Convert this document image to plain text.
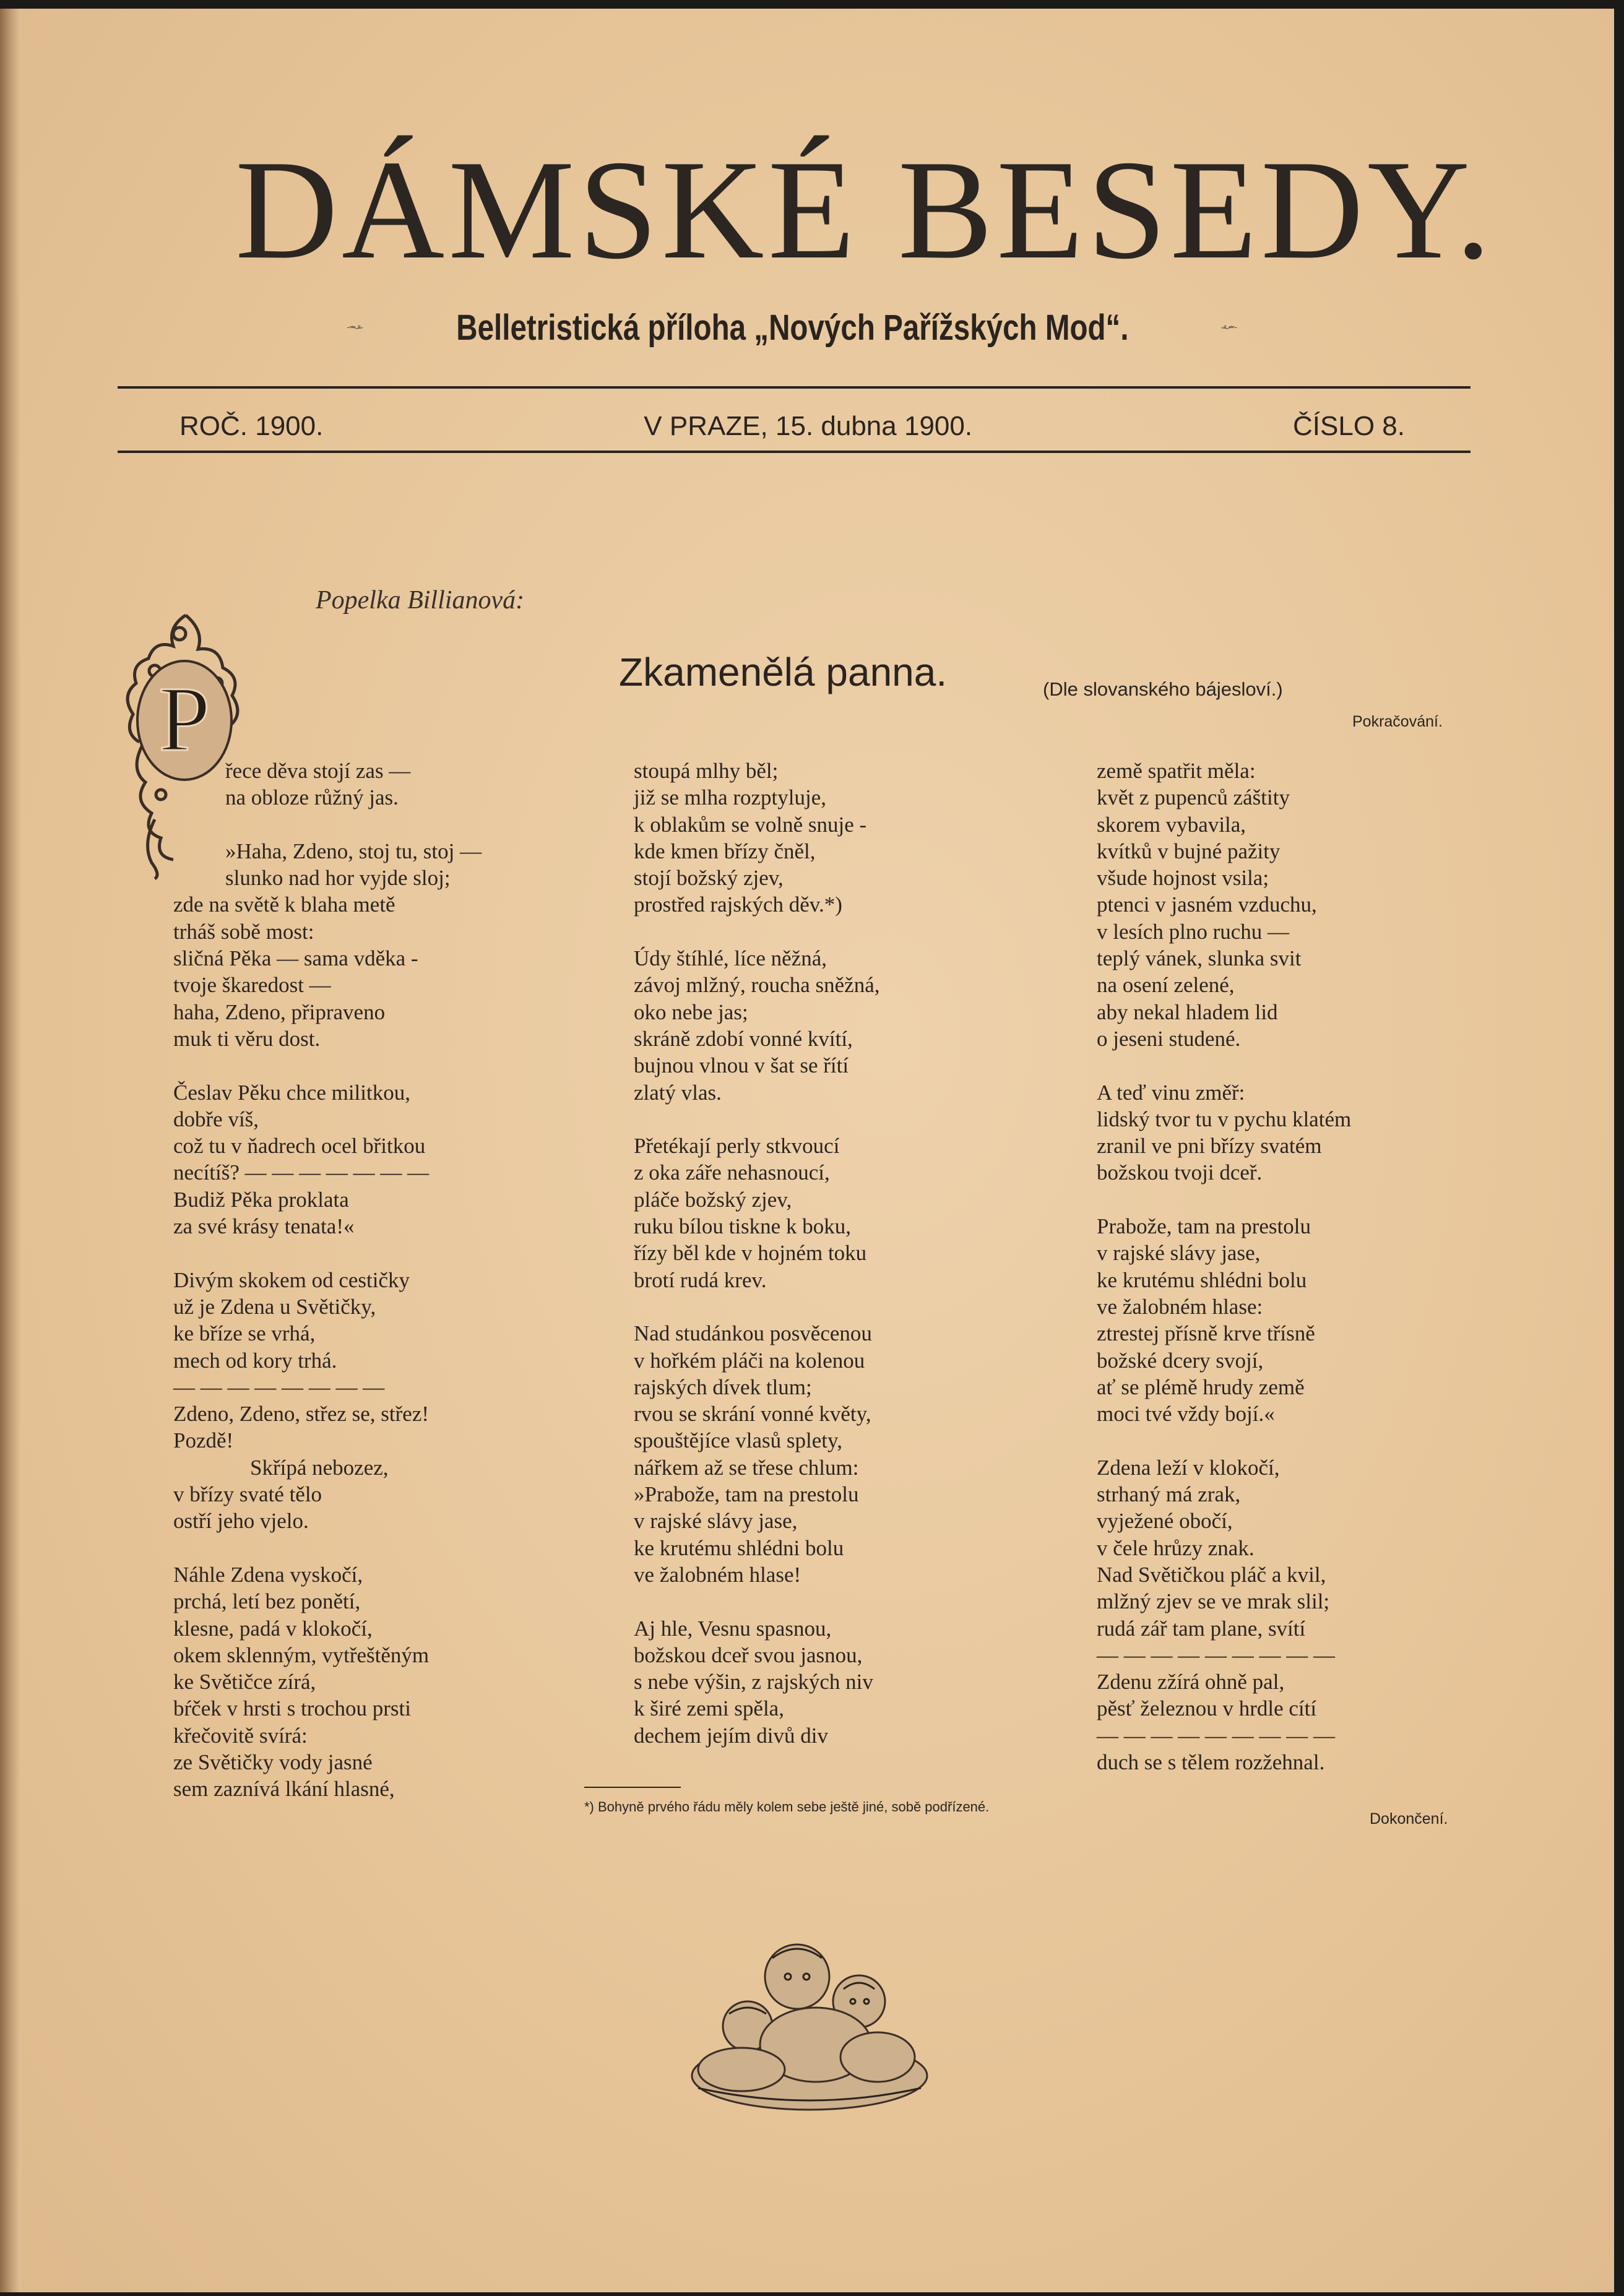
DÁMSKÉ BESEDY.
Belletristická příloha „Nových Pařížských Mod“.
ROČ. 1900.	V PRAZE, 15. dubna 1900.	ČÍSLO 8.
Popelka Billianová:
Zkamenělá panna.	(Dle slovanského bájesloví.)
Pokračování.
P
řece děva stojí zas —
na obloze růžný jas.
»Haha, Zdeno, stoj tu, stoj —
slunko nad hor vyjde sloj;
zde na světě k blaha metě
trháš sobě most:
sličná Pěka — sama vděka -
tvoje škaredost —
haha, Zdeno, připraveno
muk ti věru dost.
Česlav Pěku chce militkou,
dobře víš,
což tu v ňadrech ocel břitkou
necítíš? — — — — — — —
Budiž Pěka proklata
za své krásy tenata!«
Divým skokem od cestičky
už je Zdena u Světičky,
ke bříze se vrhá,
mech od kory trhá.
— — — — — — — —
Zdeno, Zdeno, střez se, střez!
Pozdě!
Skřípá nebozez,
v břízy svaté tělo
ostří jeho vjelo.
Náhle Zdena vyskočí,
prchá, letí bez ponětí,
klesne, padá v klokočí,
okem sklenným, vytřeštěným
ke Světičce zírá,
bŕček v hrsti s trochou prsti
křečovitě svírá:
ze Světičky vody jasné
sem zaznívá lkání hlasné,
stoupá mlhy běl;
již se mlha rozptyluje,
k oblakům se volně snuje -
kde kmen břízy čněl,
stojí božský zjev,
prostřed rajských děv.*)
Údy štíhlé, líce něžná,
závoj mlžný, roucha sněžná,
oko nebe jas;
skráně zdobí vonné kvítí,
bujnou vlnou v šat se řítí
zlatý vlas.
Přetékají perly stkvoucí
z oka záře nehasnoucí,
pláče božský zjev,
ruku bílou tiskne k boku,
řízy běl kde v hojném toku
brotí rudá krev.
Nad studánkou posvěcenou
v hořkém pláči na kolenou
rajských dívek tlum;
rvou se skrání vonné květy,
spouštějíce vlasů splety,
nářkem až se třese chlum:
»Prabože, tam na prestolu
v rajské slávy jase,
ke krutému shlédni bolu
ve žalobném hlase!
Aj hle, Vesnu spasnou,
božskou dceř svou jasnou,
s nebe výšin, z rajských niv
k širé zemi spěla,
dechem jejím divů div
země spatřit měla:
květ z pupenců záštity
skorem vybavila,
kvítků v bujné pažity
všude hojnost vsila;
ptenci v jasném vzduchu,
v lesích plno ruchu —
teplý vánek, slunka svit
na osení zelené,
aby nekal hladem lid
o jeseni studené.
A teď vinu změř:
lidský tvor tu v pychu klatém
zranil ve pni břízy svatém
božskou tvoji dceř.
Prabože, tam na prestolu
v rajské slávy jase,
ke krutému shlédni bolu
ve žalobném hlase:
ztrestej přísně krve třísně
božské dcery svojí,
ať se plémě hrudy země
moci tvé vždy bojí.«
Zdena leží v klokočí,
strhaný má zrak,
vyježené obočí,
v čele hrůzy znak.
Nad Světičkou pláč a kvil,
mlžný zjev se ve mrak slil;
rudá zář tam plane, svítí
— — — — — — — — —
Zdenu zžírá ohně pal,
pěsť železnou v hrdle cítí
— — — — — — — — —
duch se s tělem rozžehnal.
*) Bohyně prvého řádu měly kolem sebe ještě jiné, sobě podřízené.
Dokončení.
